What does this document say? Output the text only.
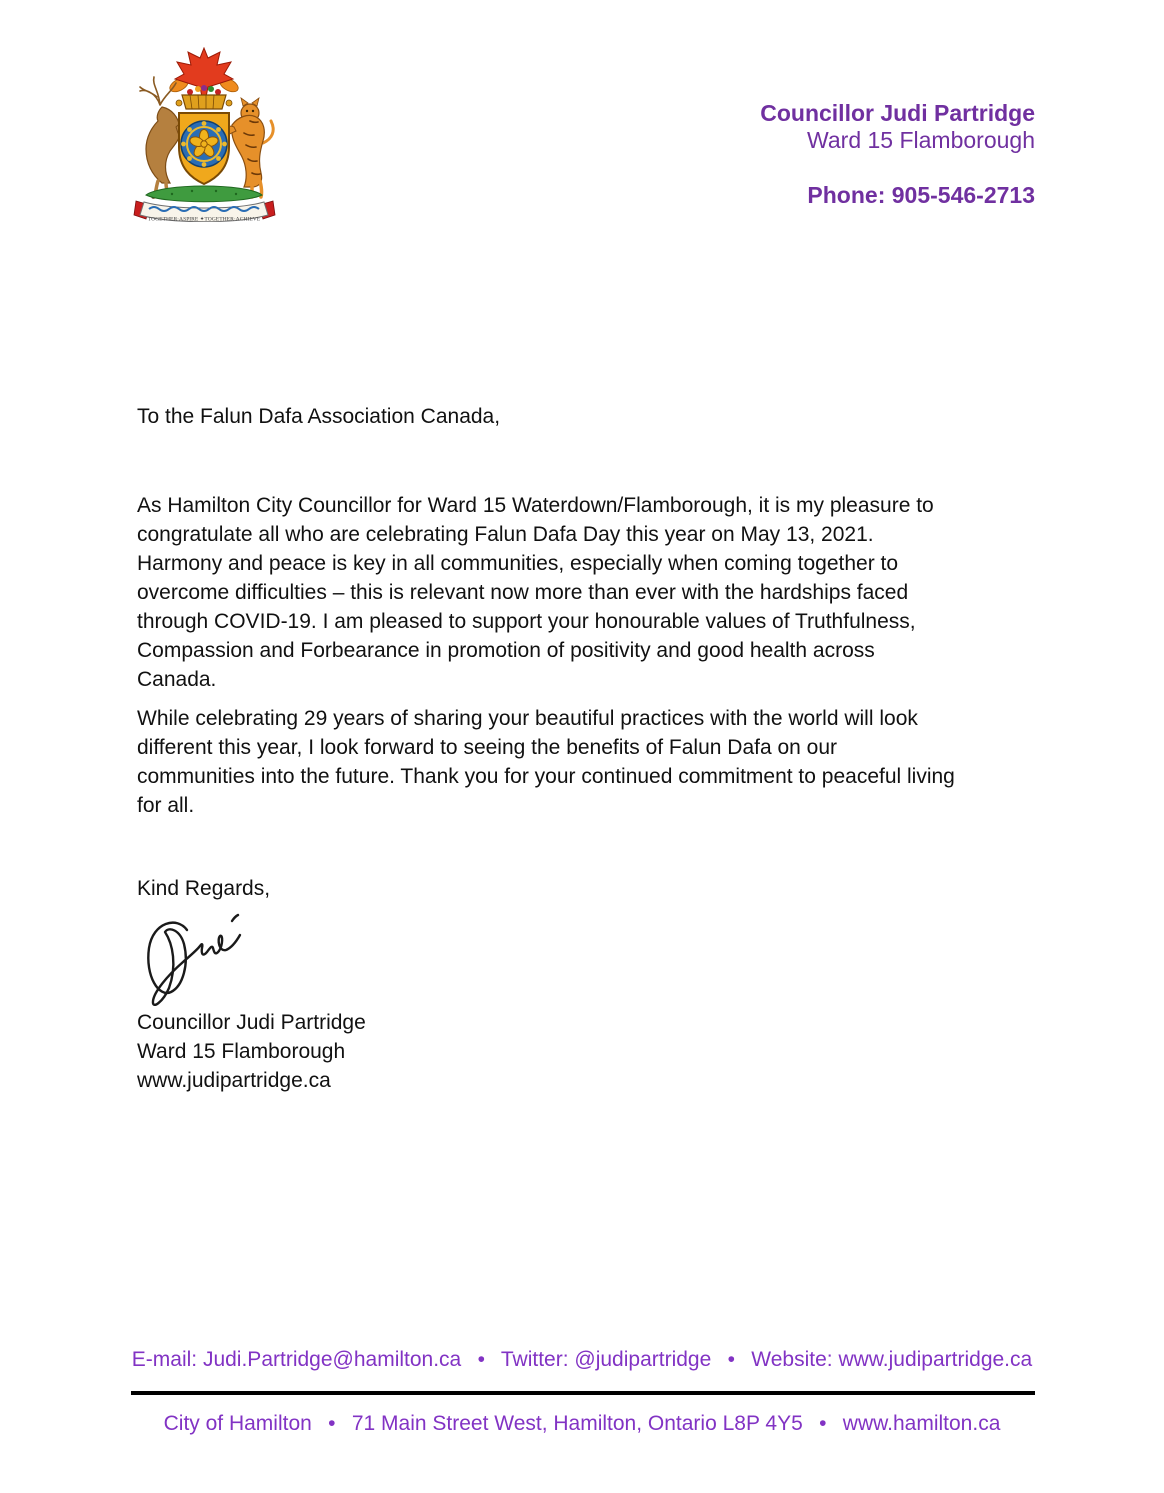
TOGETHER·ASPIRE ✦TOGETHER·ACHIEVE
Councillor Judi Partridge
Ward 15 Flamborough
Phone: 905-546-2713
To the Falun Dafa Association Canada,
As Hamilton City Councillor for Ward 15 Waterdown/Flamborough, it is my pleasure to
congratulate all who are celebrating Falun Dafa Day this year on May 13, 2021.
Harmony and peace is key in all communities, especially when coming together to
overcome difficulties – this is relevant now more than ever with the hardships faced
through COVID-19. I am pleased to support your honourable values of Truthfulness,
Compassion and Forbearance in promotion of positivity and good health across
Canada.
While celebrating 29 years of sharing your beautiful practices with the world will look
different this year, I look forward to seeing the benefits of Falun Dafa on our
communities into the future. Thank you for your continued commitment to peaceful living
for all.
Kind Regards,
Councillor Judi Partridge
Ward 15 Flamborough
www.judipartridge.ca
E-mail: Judi.Partridge@hamilton.ca  •  Twitter: @judipartridge  •  Website: www.judipartridge.ca
City of Hamilton  •  71 Main Street West, Hamilton, Ontario L8P 4Y5  •  www.hamilton.ca
